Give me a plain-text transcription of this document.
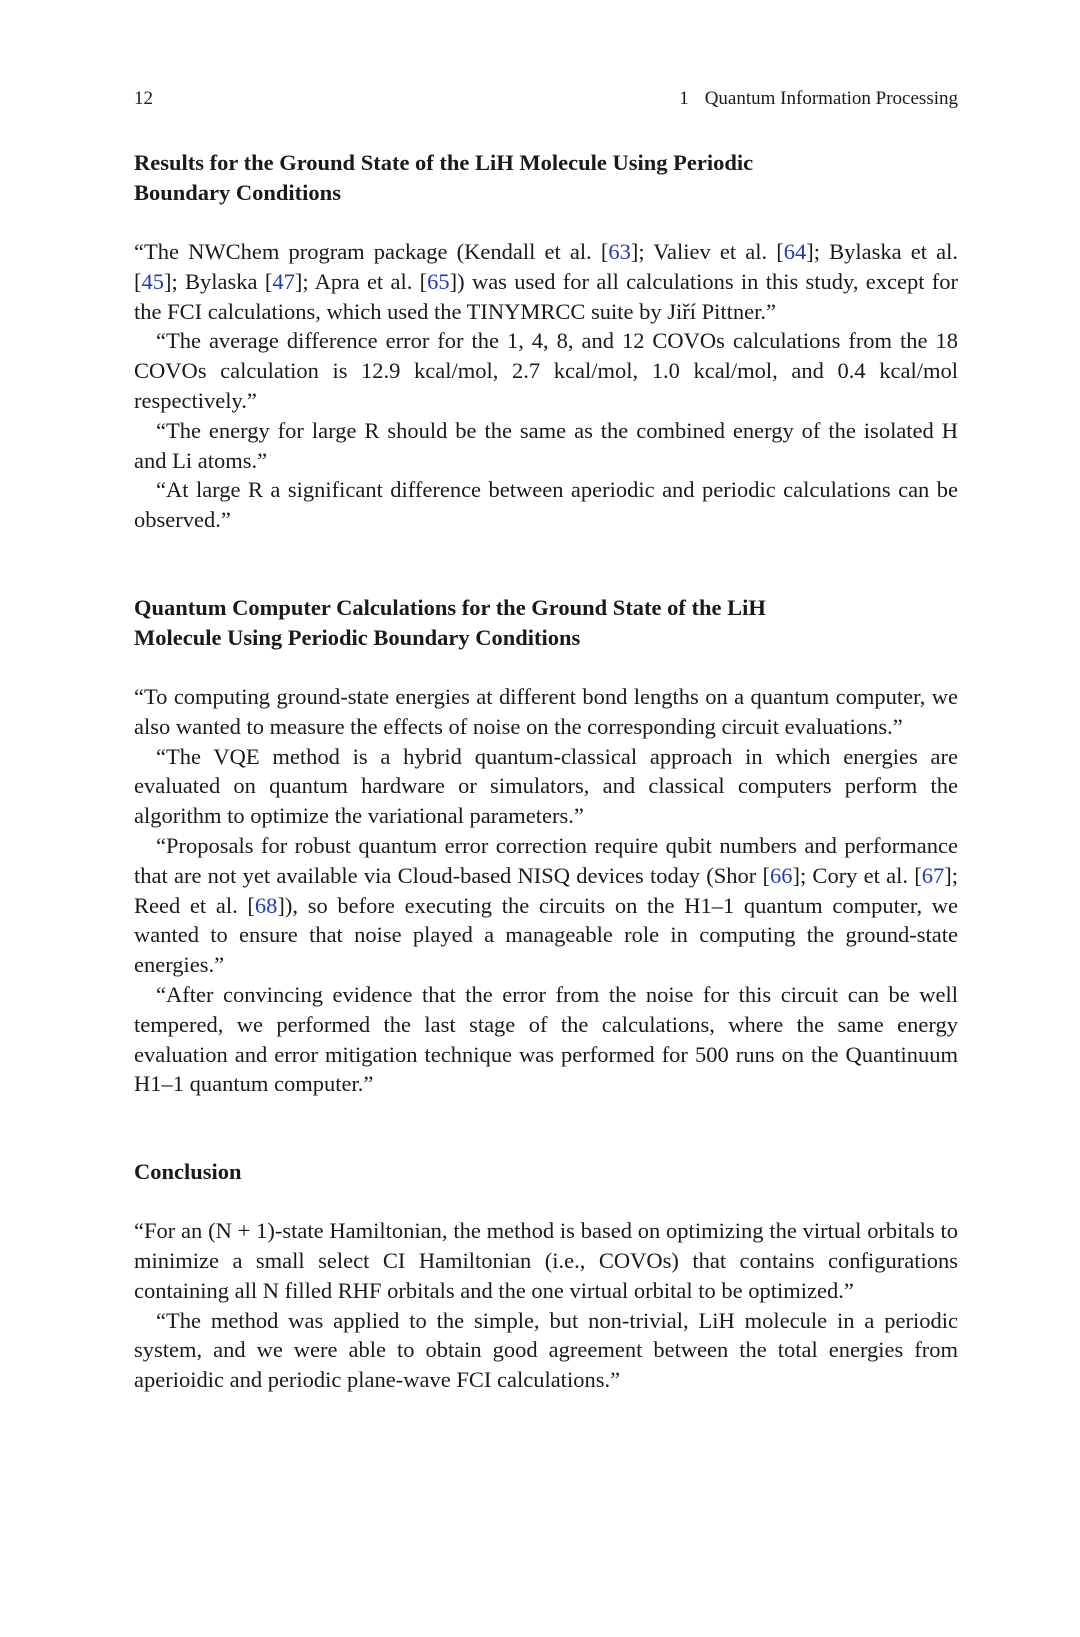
12	1 Quantum Information Processing
Results for the Ground State of the LiH Molecule Using Periodic Boundary Conditions

“The NWChem program package (Kendall et al. [63]; Valiev et al. [64]; Bylaska et al. [45]; Bylaska [47]; Apra et al. [65]) was used for all calculations in this study, except for the FCI calculations, which used the TINYMRCC suite by Jiří Pittner.”

“The average difference error for the 1, 4, 8, and 12 COVOs calculations from the 18 COVOs calculation is 12.9 kcal/mol, 2.7 kcal/mol, 1.0 kcal/mol, and 0.4 kcal/mol respectively.”

“The energy for large R should be the same as the combined energy of the isolated H and Li atoms.”

“At large R a significant difference between aperiodic and periodic calculations can be observed.”

Quantum Computer Calculations for the Ground State of the LiH Molecule Using Periodic Boundary Conditions

“To computing ground-state energies at different bond lengths on a quantum computer, we also wanted to measure the effects of noise on the corresponding circuit evaluations.”

“The VQE method is a hybrid quantum-classical approach in which energies are evaluated on quantum hardware or simulators, and classical computers perform the algorithm to optimize the variational parameters.”

“Proposals for robust quantum error correction require qubit numbers and performance that are not yet available via Cloud-based NISQ devices today (Shor [66]; Cory et al. [67]; Reed et al. [68]), so before executing the circuits on the H1–1 quantum computer, we wanted to ensure that noise played a manageable role in computing the ground-state energies.”

“After convincing evidence that the error from the noise for this circuit can be well tempered, we performed the last stage of the calculations, where the same energy evaluation and error mitigation technique was performed for 500 runs on the Quantinuum H1–1 quantum computer.”

Conclusion

“For an (N + 1)-state Hamiltonian, the method is based on optimizing the virtual orbitals to minimize a small select CI Hamiltonian (i.e., COVOs) that contains configurations containing all N filled RHF orbitals and the one virtual orbital to be optimized.”

“The method was applied to the simple, but non-trivial, LiH molecule in a periodic system, and we were able to obtain good agreement between the total energies from aperioidic and periodic plane-wave FCI calculations.”
